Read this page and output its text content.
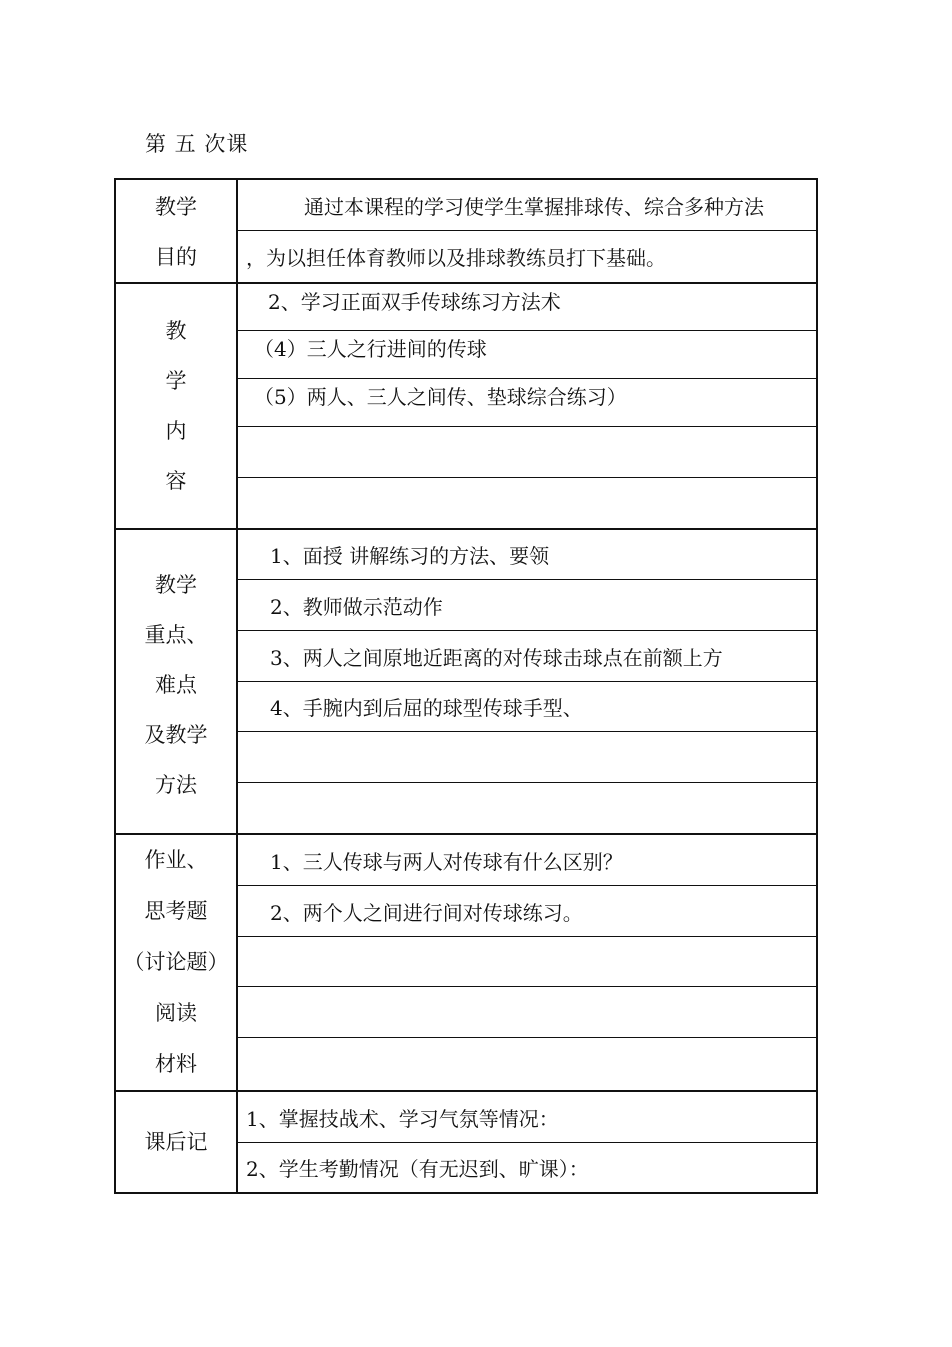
第 五 次课
教学
目的
通过本课程的学习使学生掌握排球传、综合多种方法
，为以担任体育教师以及排球教练员打下基础。
教
学
内
容
2、学习正面双手传球练习方法术
（4）三人之行进间的传球
（5）两人、三人之间传、垫球综合练习）
教学
重点、
难点
及教学
方法
1、面授 讲解练习的方法、要领
2、教师做示范动作
3、两人之间原地近距离的对传球击球点在前额上方
4、手腕内到后屈的球型传球手型、
作业、
思考题
（讨论题）
阅读
材料
1、三人传球与两人对传球有什么区别？
2、两个人之间进行间对传球练习。
课后记
1、掌握技战术、学习气氛等情况：
2、学生考勤情况（有无迟到、旷课）：
